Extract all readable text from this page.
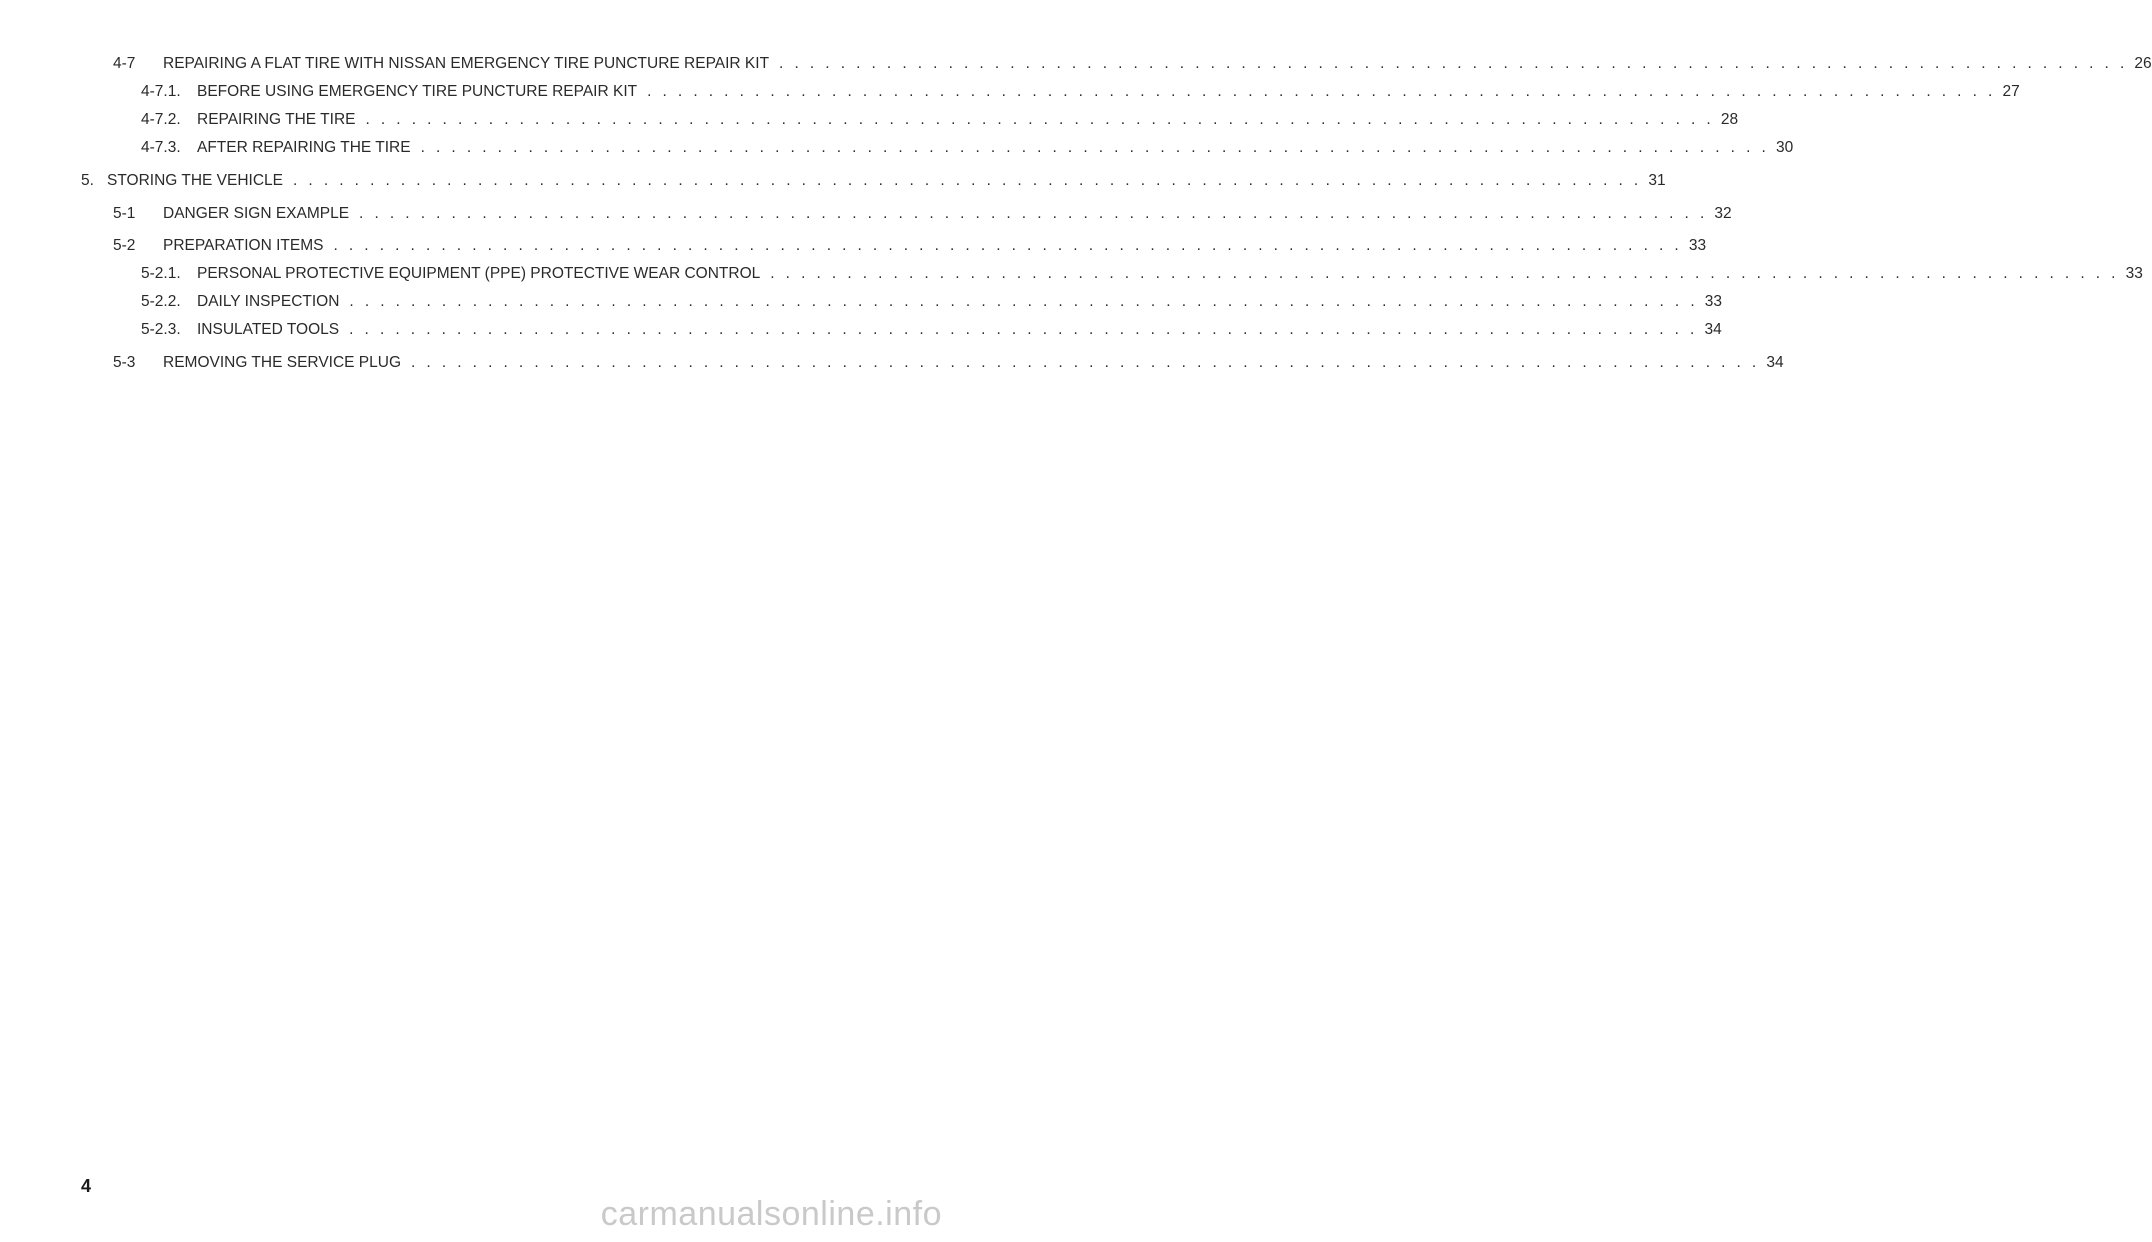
4-7	REPAIRING A FLAT TIRE WITH NISSAN EMERGENCY TIRE PUNCTURE REPAIR KIT . . . . . . . . . . . . . . . . . . . . . . . . . . . . . . . . . . . . . . . . . . . . . . . . . . . . . . . . . . . . . . . . . . . . . . . . . . . . . . . . . . . . . . . . 26
4-7.1.	BEFORE USING EMERGENCY TIRE PUNCTURE REPAIR KIT . . . . . . . . . . . . . . . . . . . . . . . . . . . . . . . . . . . . . . . . . . . . . . . . . . . . . . . . . . . . . . . . . . . . . . . . . . . . . . . . . . . . . . . . 27
4-7.2.	REPAIRING THE TIRE . . . . . . . . . . . . . . . . . . . . . . . . . . . . . . . . . . . . . . . . . . . . . . . . . . . . . . . . . . . . . . . . . . . . . . . . . . . . . . . . . . . . . . . . 28
4-7.3.	AFTER REPAIRING THE TIRE . . . . . . . . . . . . . . . . . . . . . . . . . . . . . . . . . . . . . . . . . . . . . . . . . . . . . . . . . . . . . . . . . . . . . . . . . . . . . . . . . . . . . . . . 30
5. STORING THE VEHICLE . . . . . . . . . . . . . . . . . . . . . . . . . . . . . . . . . . . . . . . . . . . . . . . . . . . . . . . . . . . . . . . . . . . . . . . . . . . . . . . . . . . . . . . . 31
5-1	DANGER SIGN EXAMPLE . . . . . . . . . . . . . . . . . . . . . . . . . . . . . . . . . . . . . . . . . . . . . . . . . . . . . . . . . . . . . . . . . . . . . . . . . . . . . . . . . . . . . . . . 32
5-2	PREPARATION ITEMS . . . . . . . . . . . . . . . . . . . . . . . . . . . . . . . . . . . . . . . . . . . . . . . . . . . . . . . . . . . . . . . . . . . . . . . . . . . . . . . . . . . . . . . . 33
5-2.1.	PERSONAL PROTECTIVE EQUIPMENT (PPE) PROTECTIVE WEAR CONTROL . . . . . . . . . . . . . . . . . . . . . . . . . . . . . . . . . . . . . . . . . . . . . . . . . . . . . . . . . . . . . . . . . . . . . . . . . . . . . . . . . . . . . . . . 33
5-2.2.	DAILY INSPECTION . . . . . . . . . . . . . . . . . . . . . . . . . . . . . . . . . . . . . . . . . . . . . . . . . . . . . . . . . . . . . . . . . . . . . . . . . . . . . . . . . . . . . . . . 33
5-2.3.	INSULATED TOOLS . . . . . . . . . . . . . . . . . . . . . . . . . . . . . . . . . . . . . . . . . . . . . . . . . . . . . . . . . . . . . . . . . . . . . . . . . . . . . . . . . . . . . . . . 34
5-3	REMOVING THE SERVICE PLUG . . . . . . . . . . . . . . . . . . . . . . . . . . . . . . . . . . . . . . . . . . . . . . . . . . . . . . . . . . . . . . . . . . . . . . . . . . . . . . . . . . . . . . . . 34
4
carmanualsonline.info
